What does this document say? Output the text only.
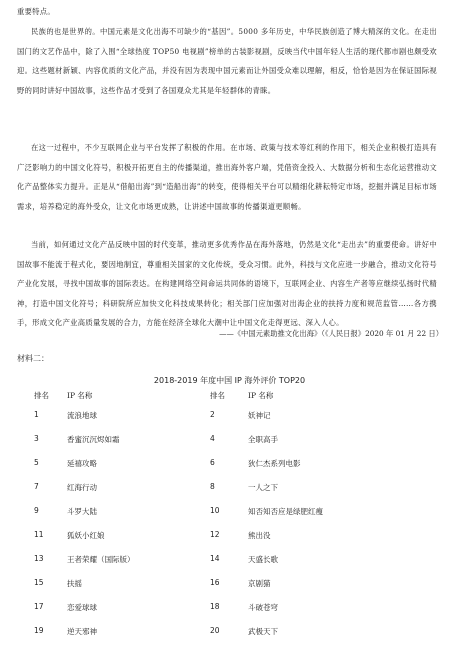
重要特点。

民族的也是世界的。中国元素是文化出海不可缺少的“基因”。5000 多年历史，中华民族创造了博大精深的文化。在走出国门的文艺作品中，除了入围“全球热度 TOP50 电视剧”榜单的古装影视剧，反映当代中国年轻人生活的现代都市剧也颇受欢迎。这些题材新颖、内容优质的文化产品，并没有因为表现中国元素而让外国受众难以理解，相反，恰恰是因为在保证国际视野的同时讲好中国故事，这些作品才受到了各国观众尤其是年轻群体的青睐。

在这一过程中，不少互联网企业与平台发挥了积极的作用。在市场、政策与技术等红利的作用下，相关企业积极打造具有广泛影响力的中国文化符号，积极开拓更自主的传播渠道，推出海外客户端，凭借资金投入、大数据分析和生态化运营推动文化产品整体实力提升。正是从“借船出海”到“造船出海”的转变，使得相关平台可以精细化耕耘特定市场，挖掘并满足目标市场需求，培养稳定的海外受众，让文化市场更成熟，让讲述中国故事的传播渠道更顺畅。

当前，如何通过文化产品反映中国的时代变革，推动更多优秀作品在海外落地，仍然是文化“走出去”的重要使命。讲好中国故事不能流于程式化，要因地制宜，尊重相关国家的文化传统，受众习惯。此外，科技与文化应进一步融合，推动文化符号产业化发展，寻找中国故事的国际表达。在构建网络空间命运共同体的语境下，互联网企业、内容生产者等应继续弘扬时代精神，打造中国文化符号；科研院所应加快文化科技成果转化；相关部门应加强对出海企业的扶持力度和规范监管……各方携手，形成文化产业高质量发展的合力，方能在经济全球化大潮中让中国文化走得更远、深入人心。

——《中国元素助推文化出海》（《人民日报》2020 年 01 月 22 日）

材料二：

2018-2019 年度中国 IP 海外评价 TOP20

排名 IP 名称	排名	IP 名称
1	流浪地球	2	妖神记
3	香蜜沉沉烬如霜	4	全职高手
5	延禧攻略	6	狄仁杰系列电影
7	红海行动	8	一人之下
9	斗罗大陆	10	知否知否应是绿肥红瘦
11	狐妖小红娘	12	熊出没
13	王者荣耀（国际版）	14	天盛长歌
15	扶摇	16	京剧猫
17	恋爱球球	18	斗破苍穹
19	逆天邪神	20	武极天下
